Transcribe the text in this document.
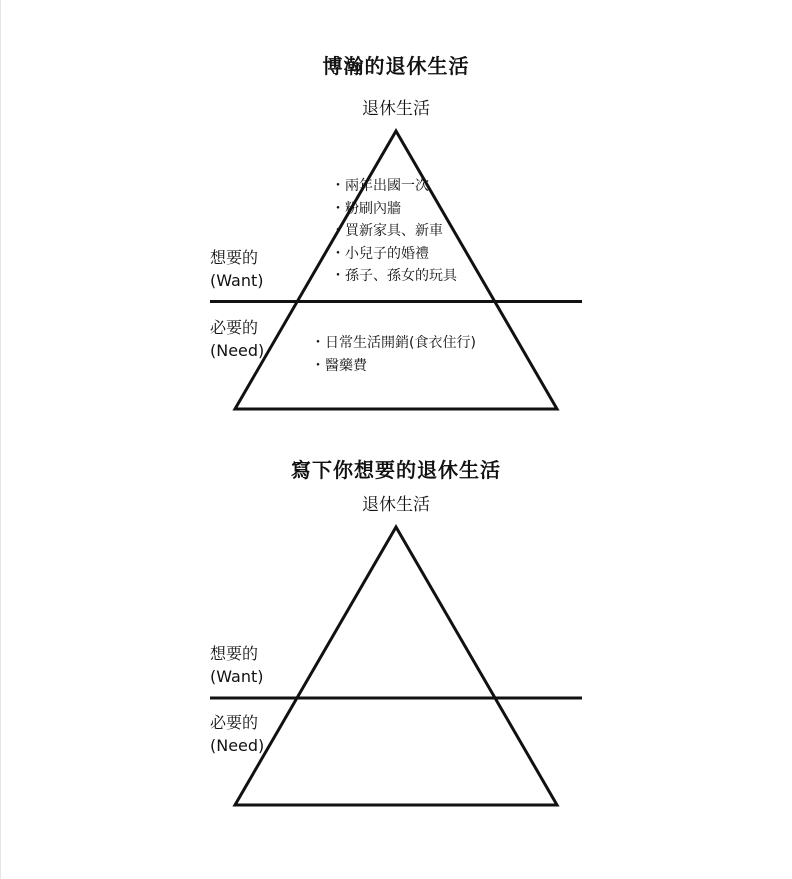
博瀚的退休生活
退休生活
・兩年出國一次
・粉刷內牆
・買新家具、新車
・小兒子的婚禮
・孫子、孫女的玩具
・日常生活開銷(食衣住行)
・醫藥費
想要的
(Want)
必要的
(Need)
寫下你想要的退休生活
退休生活
想要的
(Want)
必要的
(Need)
